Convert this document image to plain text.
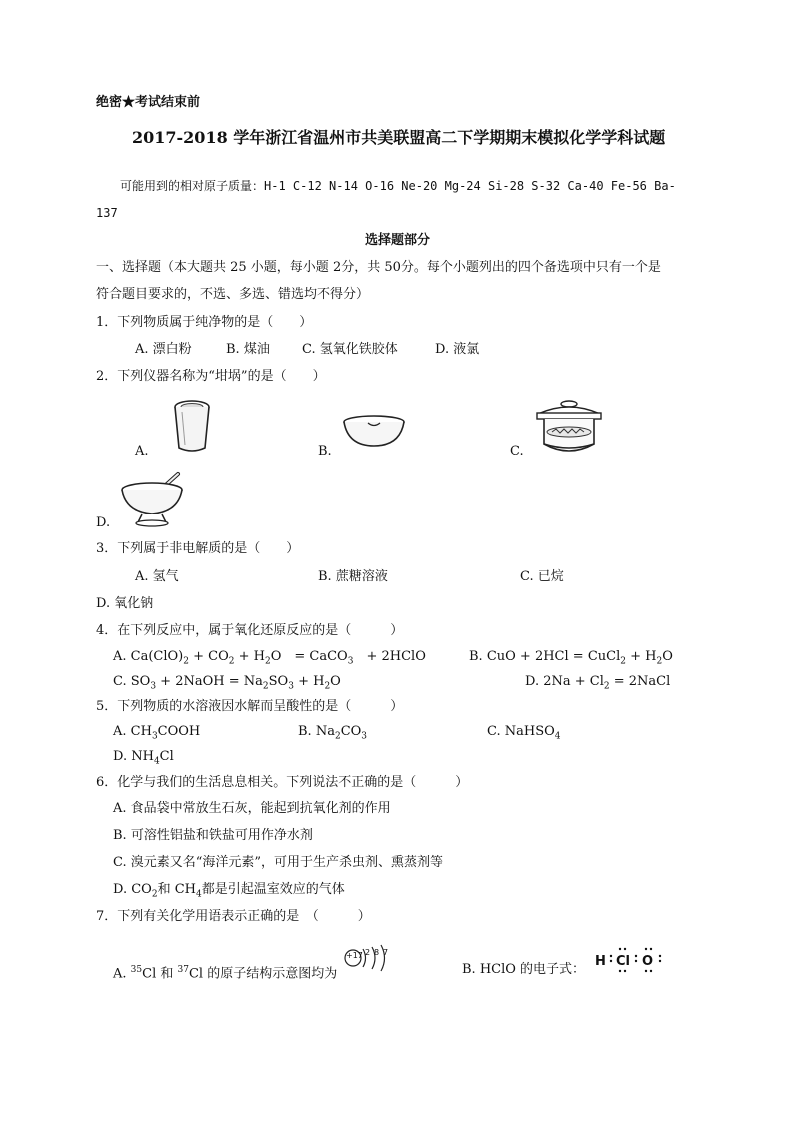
绝密★考试结束前
2017-2018 学年浙江省温州市共美联盟高二下学期期末模拟化学学科试题
可能用到的相对原子质量：H-1 C-12 N-14 O-16 Ne-20 Mg-24 Si-28 S-32 Ca-40 Fe-56 Ba-
137
选择题部分
一、选择题（本大题共 25 小题，每小题 2分，共 50分。每个小题列出的四个备选项中只有一个是
符合题目要求的，不选、多选、错选均不得分）
1．下列物质属于纯净物的是（　　）
A. 漂白粉	B. 煤油 C. 氢氧化铁胶体	D. 液氯
2．下列仪器名称为“坩埚”的是（　　）
A.	B.	C.
D.
3．下列属于非电解质的是（　　）
A. 氢气	B. 蔗糖溶液	C. 已烷
D. 氧化钠
4．在下列反应中，属于氧化还原反应的是（　　　）
A. $Ca(ClO)_2 + CO_2 + H_2O$　= CaCO$_3$　+ 2HClO	B. CuO + 2HCl = CuCl$_2$ + $H_2O$
C. $SO_3$ + 2NaOH = $Na_2SO_3 + H_2O$	D. $2Na + Cl_2$ = 2NaCl
5．下列物质的水溶液因水解而呈酸性的是（　　　）
A. $CH_3COOH$	B. $Na_2CO_3$	C. NaHSO$_4$
D. $NH_4Cl$
6．化学与我们的生活息息相关。下列说法不正确的是（　　　）
A. 食品袋中常放生石灰，能起到抗氧化剂的作用
B. 可溶性铝盐和铁盐可用作净水剂
C. 溴元素又名“海洋元素”，可用于生产杀虫剂、熏蒸剂等
D. $CO_2$和 $CH_4$都是引起温室效应的气体
7．下列有关化学用语表示正确的是　（　　　）
A. $^{35}$Cl 和 $^{37}$Cl 的原子结构示意图均为
+17 2 8 7
B. HClO 的电子式：
H Cl O
